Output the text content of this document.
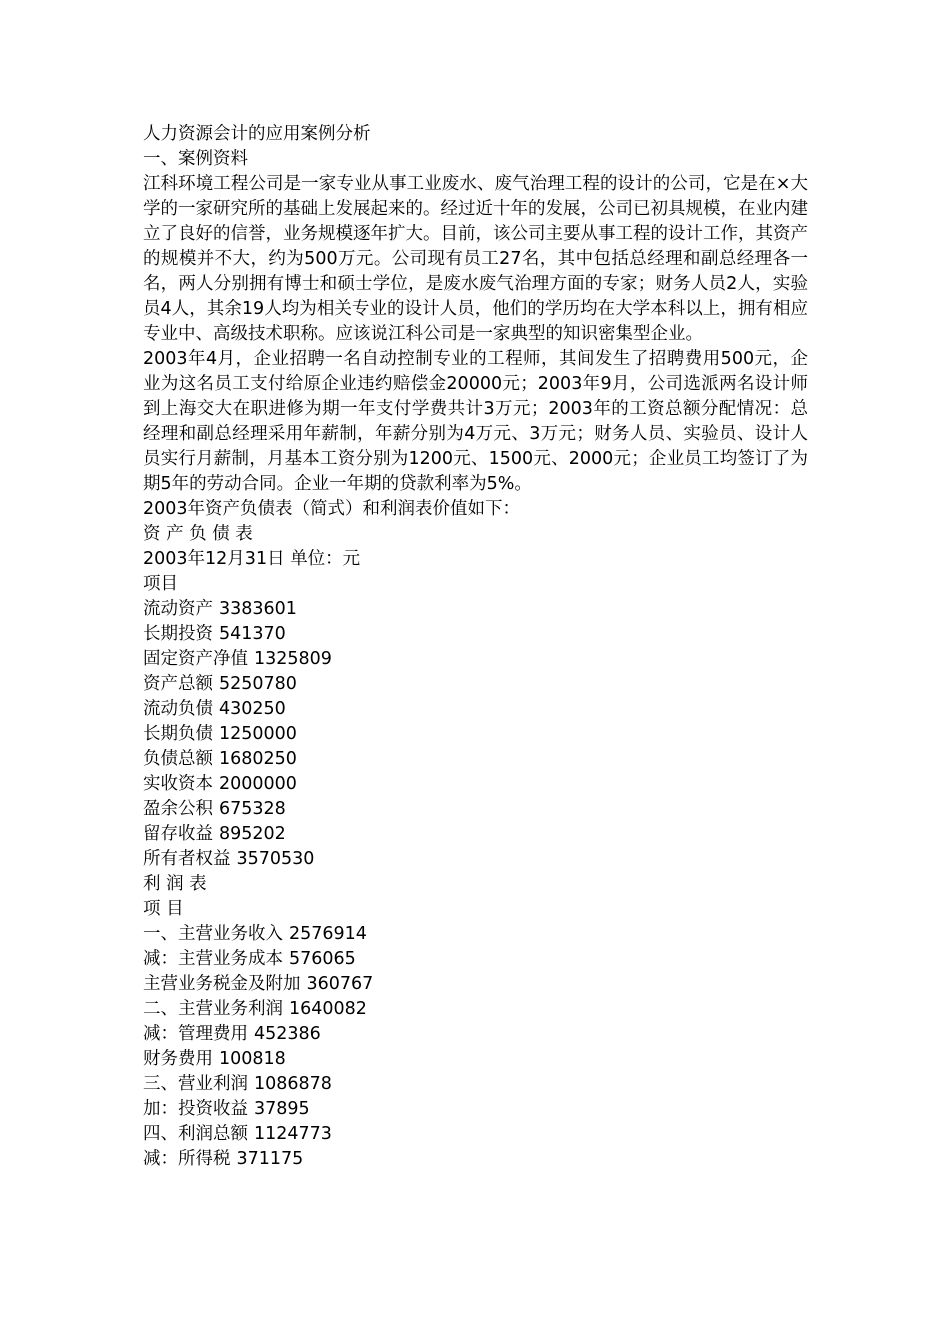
人力资源会计的应用案例分析
一、案例资料
江科环境工程公司是一家专业从事工业废水、废气治理工程的设计的公司，它是在×大学的一家研究所的基础上发展起来的。经过近十年的发展，公司已初具规模，在业内建立了良好的信誉，业务规模逐年扩大。目前，该公司主要从事工程的设计工作，其资产的规模并不大，约为500万元。公司现有员工27名，其中包括总经理和副总经理各一名，两人分别拥有博士和硕士学位，是废水废气治理方面的专家；财务人员2人，实验员4人，其余19人均为相关专业的设计人员，他们的学历均在大学本科以上，拥有相应专业中、高级技术职称。应该说江科公司是一家典型的知识密集型企业。
2003年4月，企业招聘一名自动控制专业的工程师，其间发生了招聘费用500元，企业为这名员工支付给原企业违约赔偿金20000元；2003年9月，公司选派两名设计师到上海交大在职进修为期一年支付学费共计3万元；2003年的工资总额分配情况：总经理和副总经理采用年薪制，年薪分别为4万元、3万元；财务人员、实验员、设计人员实行月薪制，月基本工资分别为1200元、1500元、2000元；企业员工均签订了为期5年的劳动合同。企业一年期的贷款利率为5%。
2003年资产负债表（简式）和利润表价值如下：
资 产 负 债 表
2003年12月31日 单位：元
项目
流动资产 3383601
长期投资 541370
固定资产净值 1325809
资产总额 5250780
流动负债 430250
长期负债 1250000
负债总额 1680250
实收资本 2000000
盈余公积 675328
留存收益 895202
所有者权益 3570530
利 润 表
项 目
一、主营业务收入 2576914
减：主营业务成本 576065
主营业务税金及附加 360767
二、主营业务利润 1640082
减：管理费用 452386
财务费用 100818
三、营业利润 1086878
加：投资收益 37895
四、利润总额 1124773
减：所得税 371175
